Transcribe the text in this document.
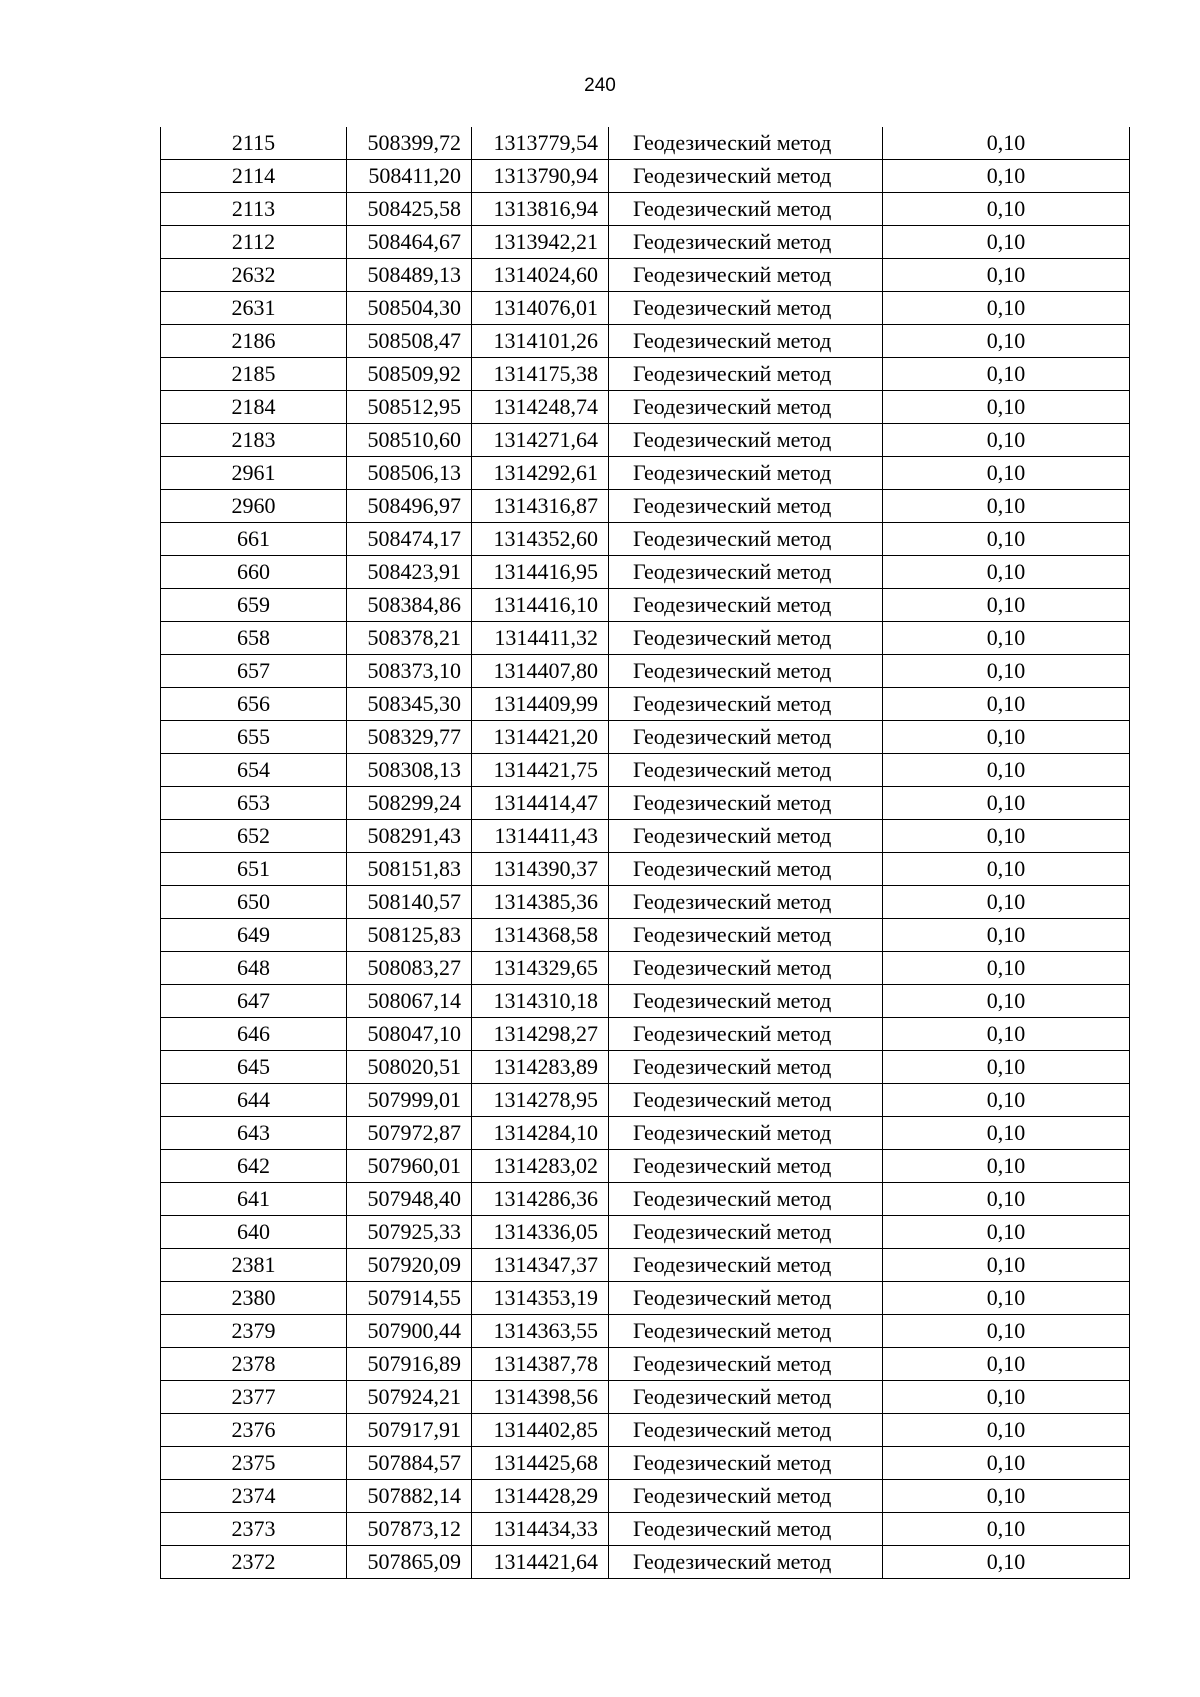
240
2115	508399,72	1313779,54	Геодезический метод	0,10
2114	508411,20	1313790,94	Геодезический метод	0,10
2113	508425,58	1313816,94	Геодезический метод	0,10
2112	508464,67	1313942,21	Геодезический метод	0,10
2632	508489,13	1314024,60	Геодезический метод	0,10
2631	508504,30	1314076,01	Геодезический метод	0,10
2186	508508,47	1314101,26	Геодезический метод	0,10
2185	508509,92	1314175,38	Геодезический метод	0,10
2184	508512,95	1314248,74	Геодезический метод	0,10
2183	508510,60	1314271,64	Геодезический метод	0,10
2961	508506,13	1314292,61	Геодезический метод	0,10
2960	508496,97	1314316,87	Геодезический метод	0,10
661	508474,17	1314352,60	Геодезический метод	0,10
660	508423,91	1314416,95	Геодезический метод	0,10
659	508384,86	1314416,10	Геодезический метод	0,10
658	508378,21	1314411,32	Геодезический метод	0,10
657	508373,10	1314407,80	Геодезический метод	0,10
656	508345,30	1314409,99	Геодезический метод	0,10
655	508329,77	1314421,20	Геодезический метод	0,10
654	508308,13	1314421,75	Геодезический метод	0,10
653	508299,24	1314414,47	Геодезический метод	0,10
652	508291,43	1314411,43	Геодезический метод	0,10
651	508151,83	1314390,37	Геодезический метод	0,10
650	508140,57	1314385,36	Геодезический метод	0,10
649	508125,83	1314368,58	Геодезический метод	0,10
648	508083,27	1314329,65	Геодезический метод	0,10
647	508067,14	1314310,18	Геодезический метод	0,10
646	508047,10	1314298,27	Геодезический метод	0,10
645	508020,51	1314283,89	Геодезический метод	0,10
644	507999,01	1314278,95	Геодезический метод	0,10
643	507972,87	1314284,10	Геодезический метод	0,10
642	507960,01	1314283,02	Геодезический метод	0,10
641	507948,40	1314286,36	Геодезический метод	0,10
640	507925,33	1314336,05	Геодезический метод	0,10
2381	507920,09	1314347,37	Геодезический метод	0,10
2380	507914,55	1314353,19	Геодезический метод	0,10
2379	507900,44	1314363,55	Геодезический метод	0,10
2378	507916,89	1314387,78	Геодезический метод	0,10
2377	507924,21	1314398,56	Геодезический метод	0,10
2376	507917,91	1314402,85	Геодезический метод	0,10
2375	507884,57	1314425,68	Геодезический метод	0,10
2374	507882,14	1314428,29	Геодезический метод	0,10
2373	507873,12	1314434,33	Геодезический метод	0,10
2372	507865,09	1314421,64	Геодезический метод	0,10
